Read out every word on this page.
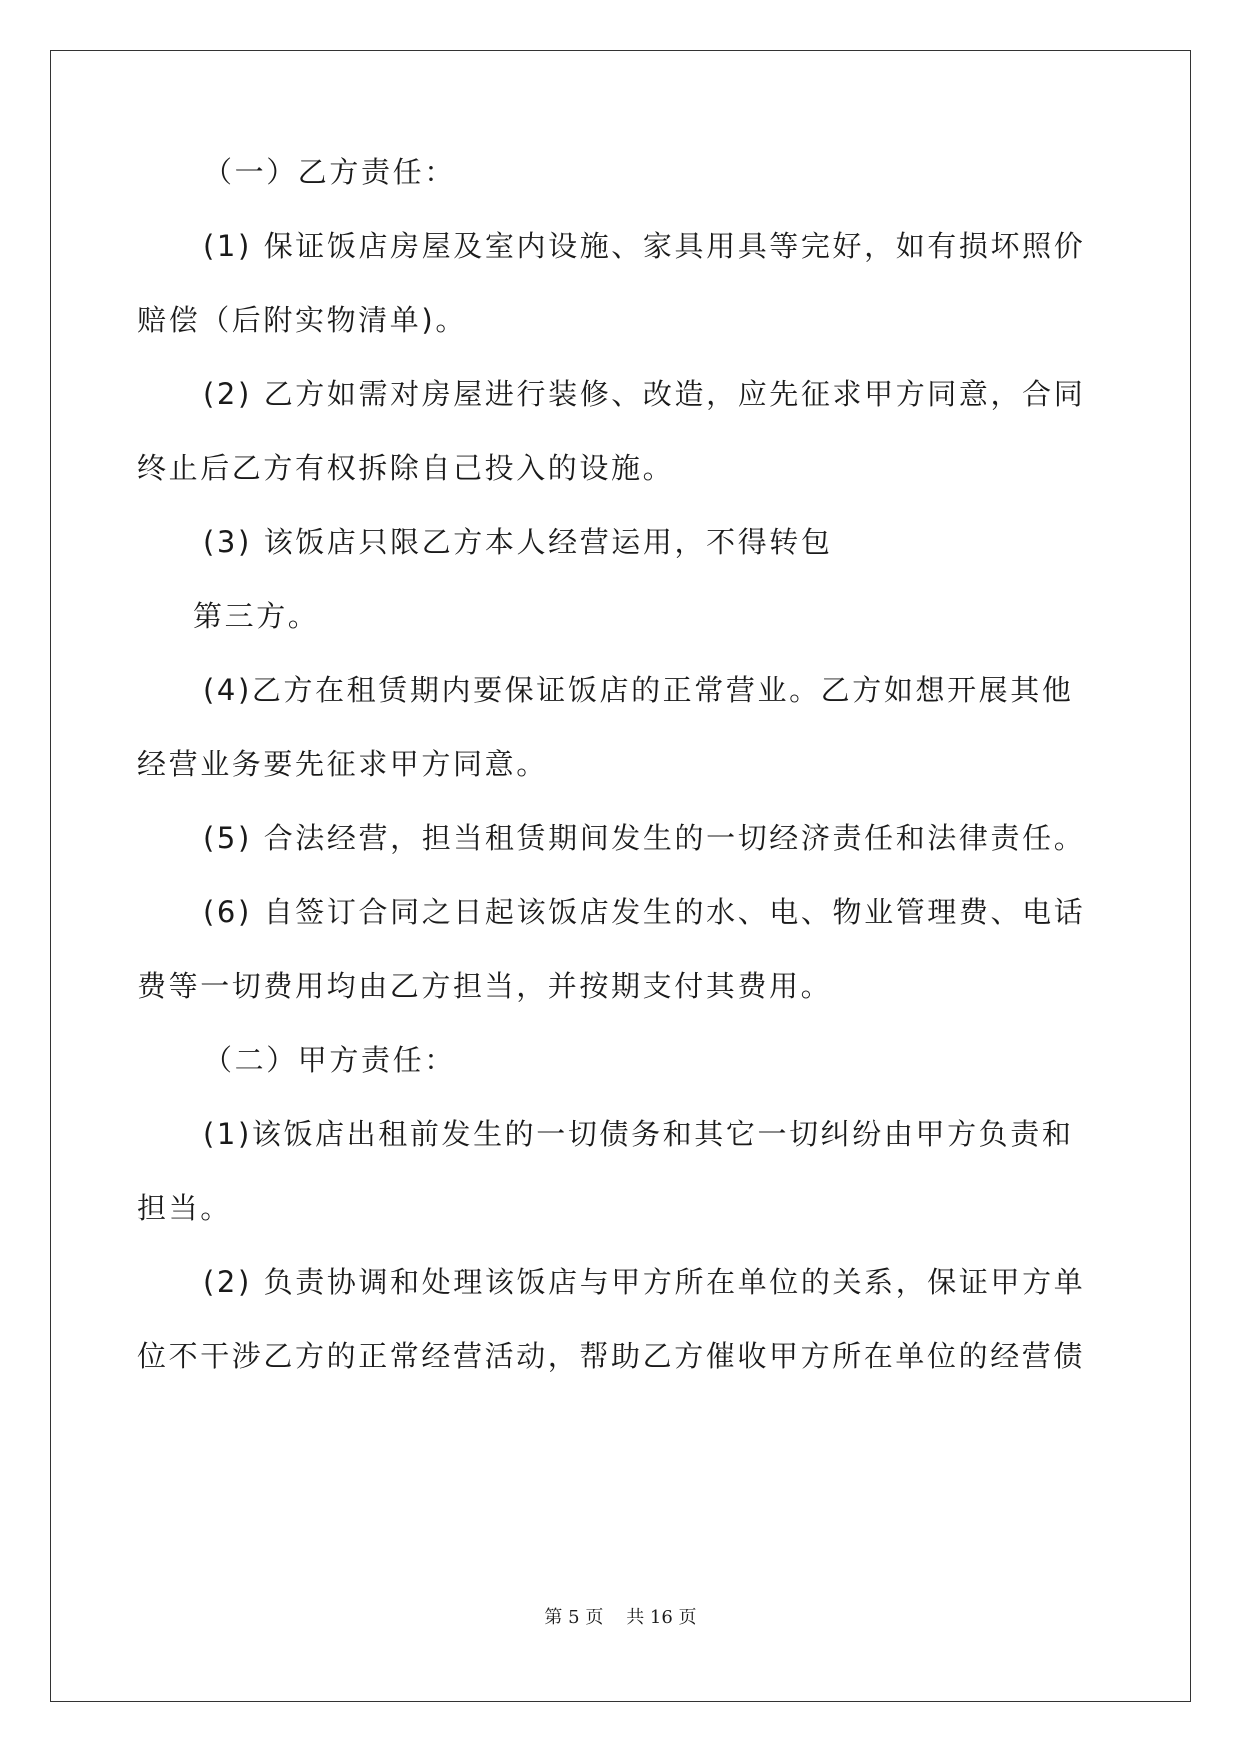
（一）乙方责任：
(1) 保证饭店房屋及室内设施、家具用具等完好，如有损坏照价
赔偿（后附实物清单)。
(2) 乙方如需对房屋进行装修、改造，应先征求甲方同意，合同
终止后乙方有权拆除自己投入的设施。
(3) 该饭店只限乙方本人经营运用，不得转包
第三方。
(4)乙方在租赁期内要保证饭店的正常营业。乙方如想开展其他
经营业务要先征求甲方同意。
(5) 合法经营，担当租赁期间发生的一切经济责任和法律责任。
(6) 自签订合同之日起该饭店发生的水、电、物业管理费、电话
费等一切费用均由乙方担当，并按期支付其费用。
（二）甲方责任：
(1)该饭店出租前发生的一切债务和其它一切纠纷由甲方负责和
担当。
(2) 负责协调和处理该饭店与甲方所在单位的关系，保证甲方单
位不干涉乙方的正常经营活动，帮助乙方催收甲方所在单位的经营债
第 5 页    共 16 页
